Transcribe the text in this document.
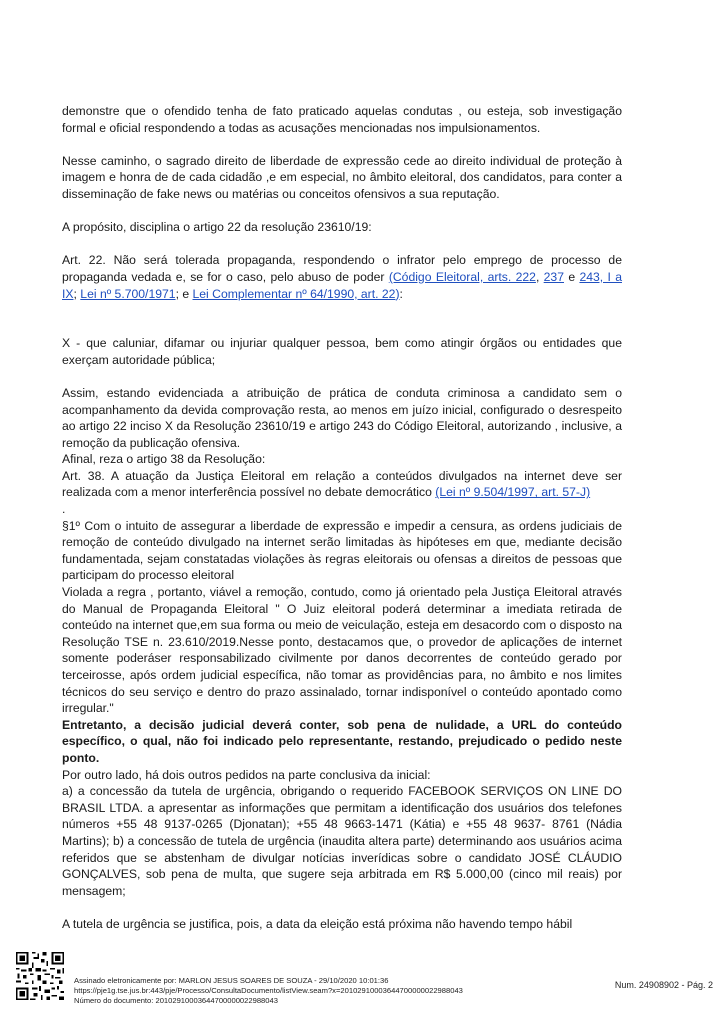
demonstre que o ofendido tenha de fato praticado aquelas condutas , ou esteja, sob investigação formal e oficial respondendo a todas as acusações mencionadas nos impulsionamentos.

Nesse caminho, o sagrado direito de liberdade de expressão cede ao direito individual de proteção à imagem e honra de de cada cidadão ,e em especial, no âmbito eleitoral, dos candidatos, para conter a disseminação de fake news ou matérias ou conceitos ofensivos a sua reputação.

A propósito, disciplina o artigo 22 da resolução 23610/19:

Art. 22. Não será tolerada propaganda, respondendo o infrator pelo emprego de processo de propaganda vedada e, se for o caso, pelo abuso de poder (Código Eleitoral, arts. 222, 237 e 243, I a IX; Lei nº 5.700/1971; e Lei Complementar nº 64/1990, art. 22):

X - que caluniar, difamar ou injuriar qualquer pessoa, bem como atingir órgãos ou entidades que exerçam autoridade pública;

Assim, estando evidenciada a atribuição de prática de conduta criminosa a candidato sem o acompanhamento da devida comprovação resta, ao menos em juízo inicial, configurado o desrespeito ao artigo 22 inciso X da Resolução 23610/19 e artigo 243 do Código Eleitoral, autorizando , inclusive, a remoção da publicação ofensiva.

Afinal, reza o artigo 38 da Resolução:

Art. 38. A atuação da Justiça Eleitoral em relação a conteúdos divulgados na internet deve ser realizada com a menor interferência possível no debate democrático (Lei nº 9.504/1997, art. 57-J)

.

§1º Com o intuito de assegurar a liberdade de expressão e impedir a censura, as ordens judiciais de remoção de conteúdo divulgado na internet serão limitadas às hipóteses em que, mediante decisão fundamentada, sejam constatadas violações às regras eleitorais ou ofensas a direitos de pessoas que participam do processo eleitoral

Violada a regra , portanto, viável a remoção, contudo, como já orientado pela Justiça Eleitoral através do Manual de Propaganda Eleitoral " O Juiz eleitoral poderá determinar a imediata retirada de conteúdo na internet que,em sua forma ou meio de veiculação, esteja em desacordo com o disposto na Resolução TSE n. 23.610/2019.Nesse ponto, destacamos que, o provedor de aplicações de internet somente poderáser responsabilizado civilmente por danos decorrentes de conteúdo gerado por terceirosse, após ordem judicial específica, não tomar as providências para, no âmbito e nos limites técnicos do seu serviço e dentro do prazo assinalado, tornar indisponível o conteúdo apontado como irregular."

Entretanto, a decisão judicial deverá conter, sob pena de nulidade, a URL do conteúdo específico, o qual, não foi indicado pelo representante, restando, prejudicado o pedido neste ponto.

Por outro lado, há dois outros pedidos na parte conclusiva da inicial:

a) a concessão da tutela de urgência, obrigando o requerido FACEBOOK SERVIÇOS ON LINE DO BRASIL LTDA. a apresentar as informações que permitam a identificação dos usuários dos telefones números +55 48 9137-0265 (Djonatan); +55 48 9663-1471 (Kátia) e +55 48 9637- 8761 (Nádia Martins); b) a concessão de tutela de urgência (inaudita altera parte) determinando aos usuários acima referidos que se abstenham de divulgar notícias inverídicas sobre o candidato JOSÉ CLÁUDIO GONÇALVES, sob pena de multa, que sugere seja arbitrada em R$ 5.000,00 (cinco mil reais) por mensagem;

A tutela de urgência se justifica, pois, a data da eleição está próxima não havendo tempo hábil

Assinado eletronicamente por: MARLON JESUS SOARES DE SOUZA - 29/10/2020 10:01:36
https://pje1g.tse.jus.br:443/pje/Processo/ConsultaDocumento/listView.seam?x=20102910003644700000022988043
Número do documento: 20102910003644700000022988043
Num. 24908902 - Pág. 2
